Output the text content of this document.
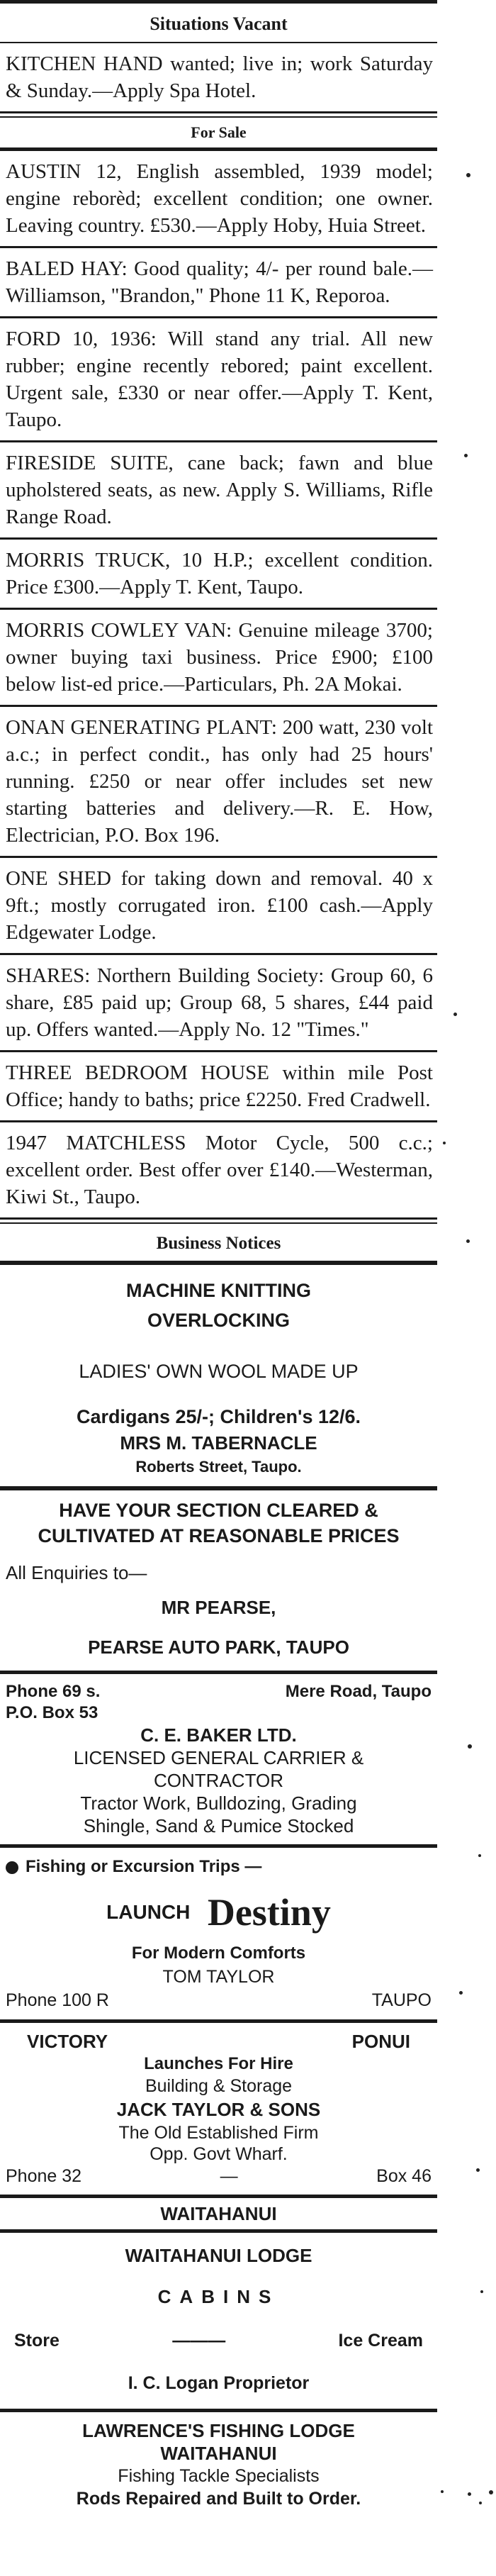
Situations Vacant
KITCHEN HAND wanted; live in; work Saturday & Sunday.—Apply Spa Hotel.
For Sale
AUSTIN 12, English assembled, 1939 model; engine reborèd; excellent condition; one owner. Leaving country. £530.—Apply Hoby, Huia Street.
BALED HAY: Good quality; 4/- per round bale.—Williamson, "Brandon," Phone 11 K, Reporoa.
FORD 10, 1936: Will stand any trial. All new rubber; engine recently rebored; paint excellent. Urgent sale, £330 or near offer.—Apply T. Kent, Taupo.
FIRESIDE SUITE, cane back; fawn and blue upholstered seats, as new. Apply S. Williams, Rifle Range Road.
MORRIS TRUCK, 10 H.P.; excellent condition. Price £300.—Apply T. Kent, Taupo.
MORRIS COWLEY VAN: Genuine mileage 3700; owner buying taxi business. Price £900; £100 below list-ed price.—Particulars, Ph. 2A Mokai.
ONAN GENERATING PLANT: 200 watt, 230 volt a.c.; in perfect condit., has only had 25 hours' running. £250 or near offer includes set new starting batteries and delivery.—R. E. How, Electrician, P.O. Box 196.
ONE SHED for taking down and removal. 40 x 9ft.; mostly corrugated iron. £100 cash.—Apply Edgewater Lodge.
SHARES: Northern Building Society: Group 60, 6 share, £85 paid up; Group 68, 5 shares, £44 paid up. Offers wanted.—Apply No. 12 "Times."
THREE BEDROOM HOUSE within mile Post Office; handy to baths; price £2250. Fred Cradwell.
1947 MATCHLESS Motor Cycle, 500 c.c.; excellent order. Best offer over £140.—Westerman, Kiwi St., Taupo.
Business Notices
MACHINE KNITTING
OVERLOCKING
LADIES' OWN WOOL MADE UP
Cardigans 25/-; Children's 12/6.
MRS M. TABERNACLE
Roberts Street, Taupo.
HAVE YOUR SECTION CLEARED & CULTIVATED AT REASONABLE PRICES
All Enquiries to—
MR PEARSE,
PEARSE AUTO PARK, TAUPO
Phone 69 s.	Mere Road, Taupo
P.O. Box 53
C. E. BAKER LTD.
LICENSED GENERAL CARRIER &
CONTRACTOR
Tractor Work, Bulldozing, Grading
Shingle, Sand & Pumice Stocked
Fishing or Excursion Trips —
LAUNCH Destiny
For Modern Comforts
TOM TAYLOR
Phone 100 R	TAUPO
VICTORY	PONUI
Launches For Hire
Building & Storage
JACK TAYLOR & SONS
The Old Established Firm
Opp. Govt Wharf.
Phone 32	—	Box 46
WAITAHANUI
WAITAHANUI LODGE
CABINS
Store	———	Ice Cream
I. C. Logan Proprietor
LAWRENCE'S FISHING LODGE
WAITAHANUI
Fishing Tackle Specialists
Rods Repaired and Built to Order.
